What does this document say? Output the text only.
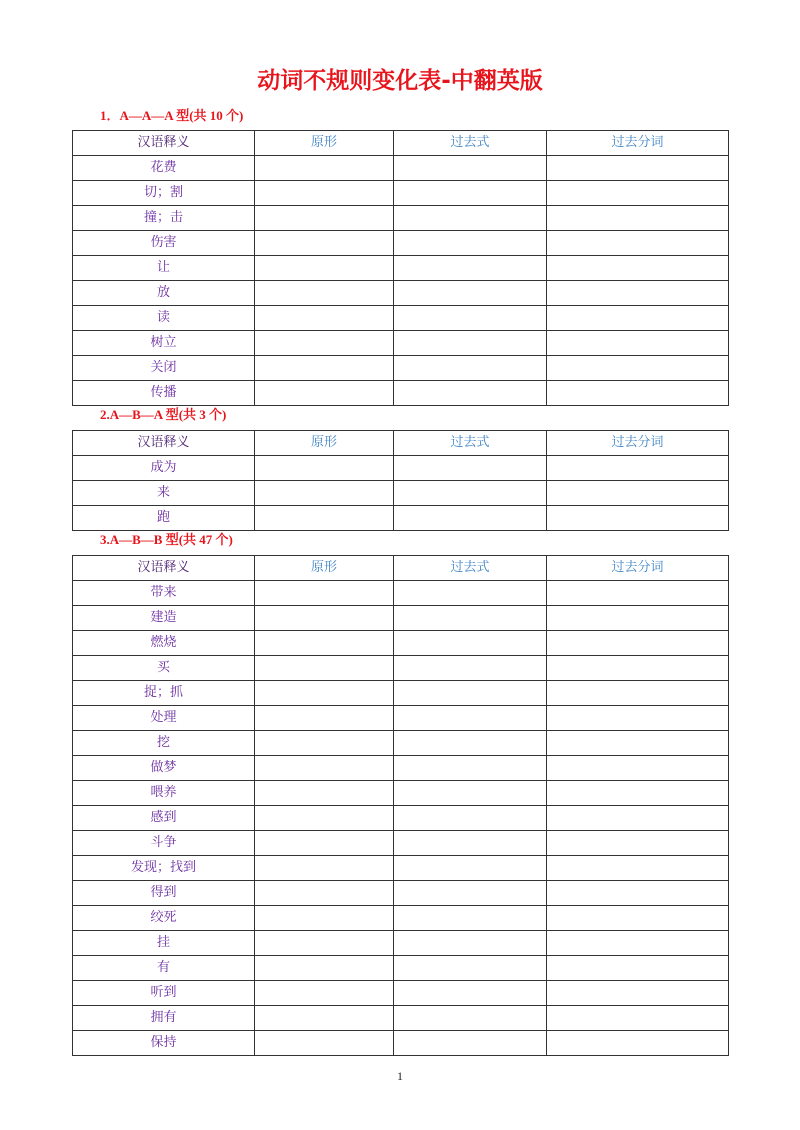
动词不规则变化表-中翻英版
1．A—A—A 型(共 10 个)
汉语释义	原形	过去式	过去分词
花费			
切；割			
撞；击			
伤害			
让			
放			
读			
树立			
关闭			
传播			
2.A—B—A 型(共 3 个)
汉语释义	原形	过去式	过去分词
成为			
来			
跑			
3.A—B—B 型(共 47 个)
汉语释义	原形	过去式	过去分词
带来			
建造			
燃烧			
买			
捉；抓			
处理			
挖			
做梦			
喂养			
感到			
斗争			
发现；找到			
得到			
绞死			
挂			
有			
听到			
拥有			
保持			
1
